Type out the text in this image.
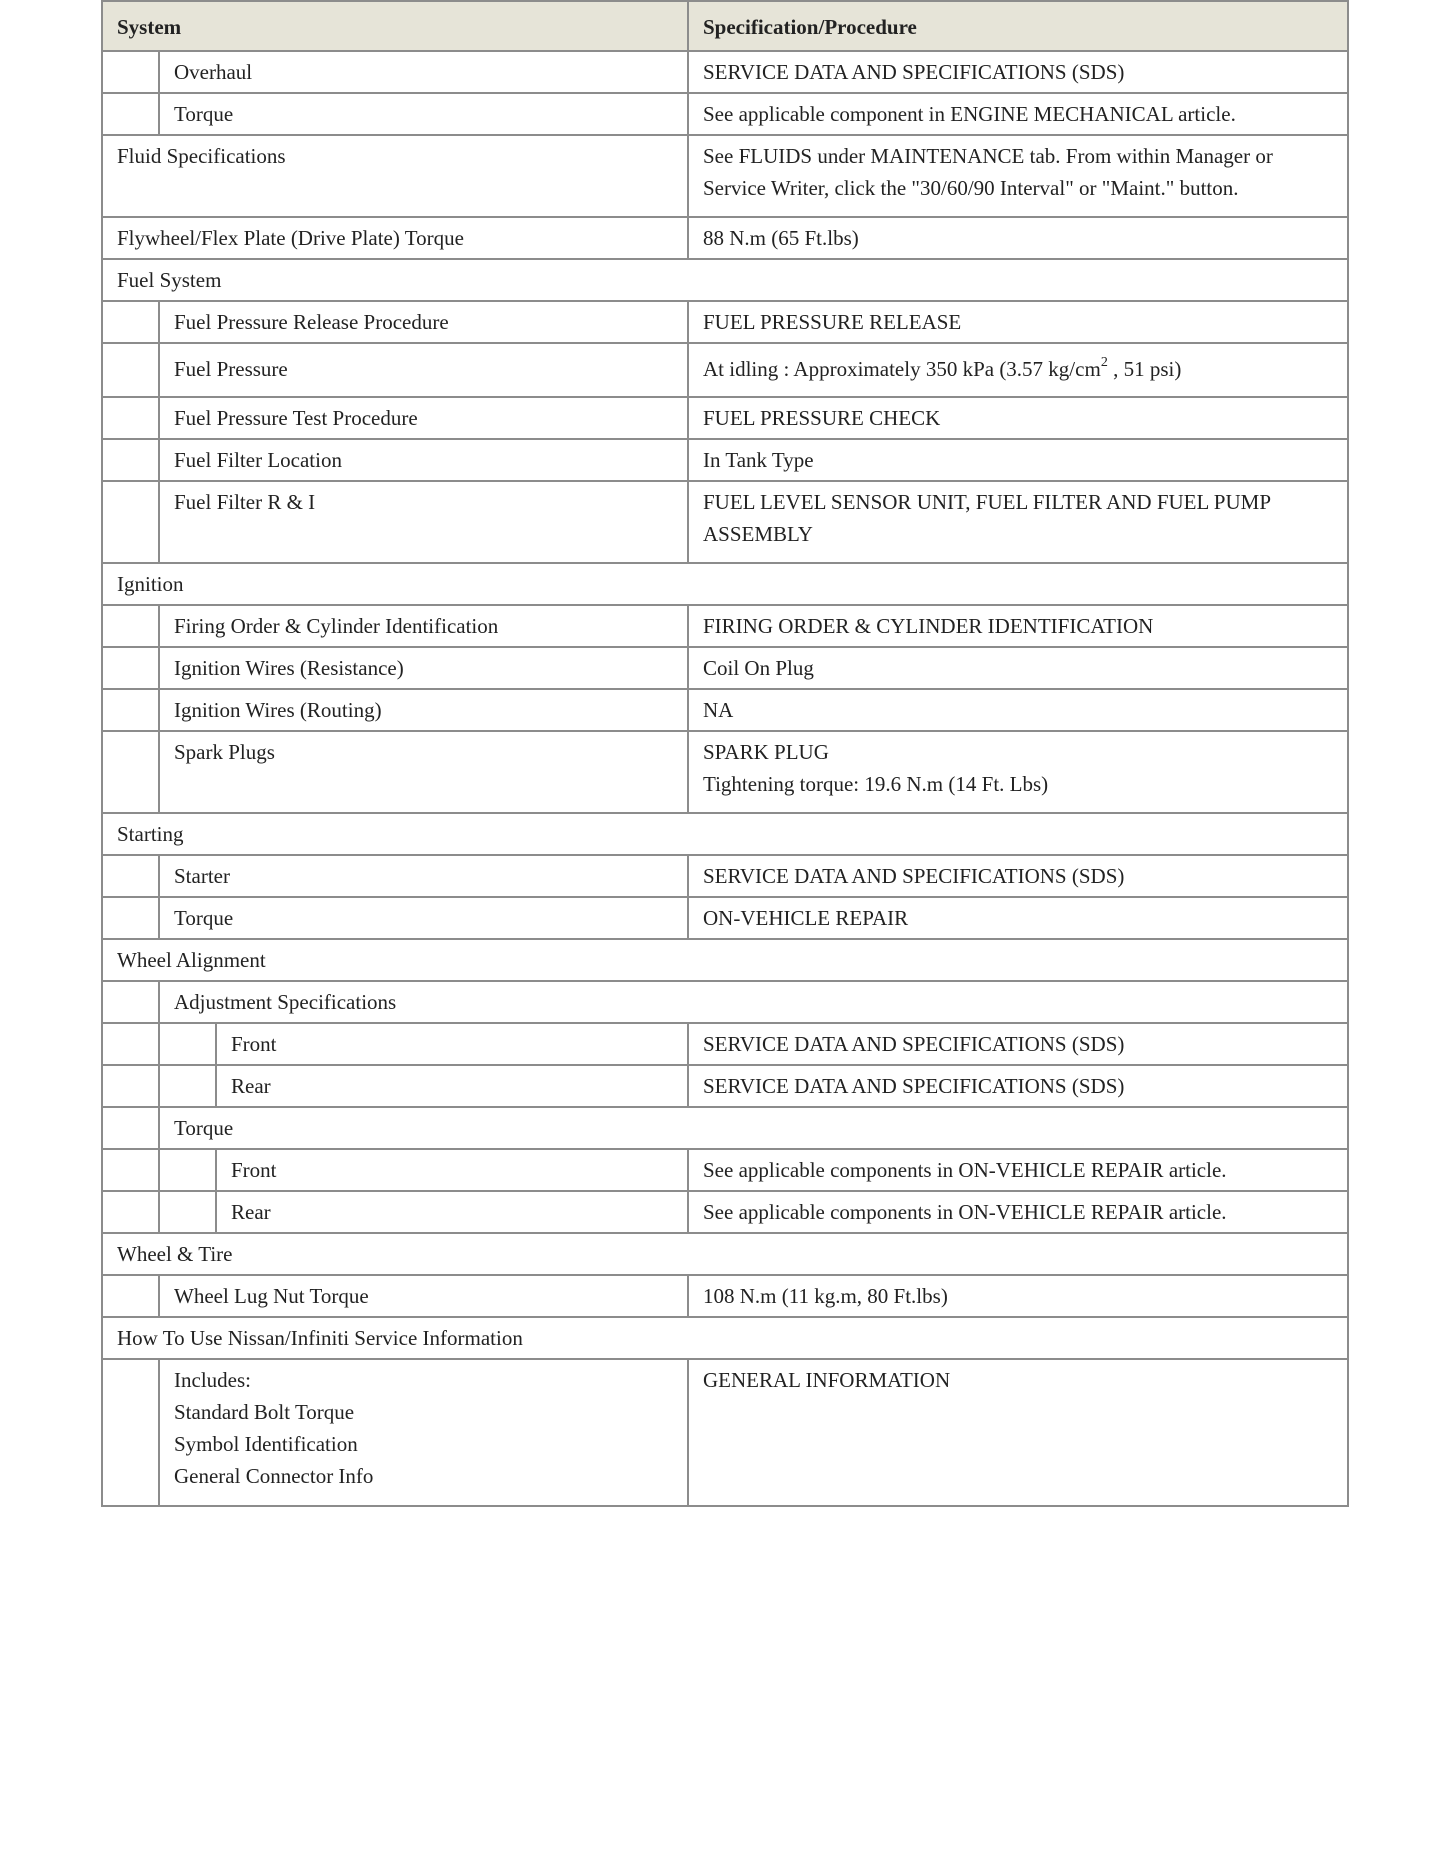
System			Specification/Procedure
	Overhaul		SERVICE DATA AND SPECIFICATIONS (SDS)
	Torque		See applicable component in ENGINE MECHANICAL article.
Fluid Specifications			See FLUIDS under MAINTENANCE tab. From within Manager or Service Writer, click the "30/60/90 Interval" or "Maint." button.
Flywheel/Flex Plate (Drive Plate) Torque			88 N.m (65 Ft.lbs)
Fuel System			
	Fuel Pressure Release Procedure		FUEL PRESSURE RELEASE
	Fuel Pressure		At idling : Approximately 350 kPa (3.57 $kg/cm^2$ , 51 psi)
	Fuel Pressure Test Procedure		FUEL PRESSURE CHECK
	Fuel Filter Location		In Tank Type
	Fuel Filter R & I		FUEL LEVEL SENSOR UNIT, FUEL FILTER AND FUEL PUMP ASSEMBLY
Ignition			
	Firing Order & Cylinder Identification		FIRING ORDER & CYLINDER IDENTIFICATION
	Ignition Wires (Resistance)		Coil On Plug
	Ignition Wires (Routing)		NA
	Spark Plugs		SPARK PLUG
Tightening torque: 19.6 N.m (14 Ft. Lbs)

Starting			
	Starter		SERVICE DATA AND SPECIFICATIONS (SDS)
	Torque		ON-VEHICLE REPAIR
Wheel Alignment			
	Adjustment Specifications		
		Front	SERVICE DATA AND SPECIFICATIONS (SDS)
		Rear	SERVICE DATA AND SPECIFICATIONS (SDS)
	Torque		
		Front	See applicable components in ON-VEHICLE REPAIR article.
		Rear	See applicable components in ON-VEHICLE REPAIR article.
Wheel & Tire			
	Wheel Lug Nut Torque		108 N.m (11 kg.m, 80 Ft.lbs)
How To Use Nissan/Infiniti Service Information			

	Includes:
Standard Bolt Torque
Symbol Identification
General Connector Info		GENERAL INFORMATION
